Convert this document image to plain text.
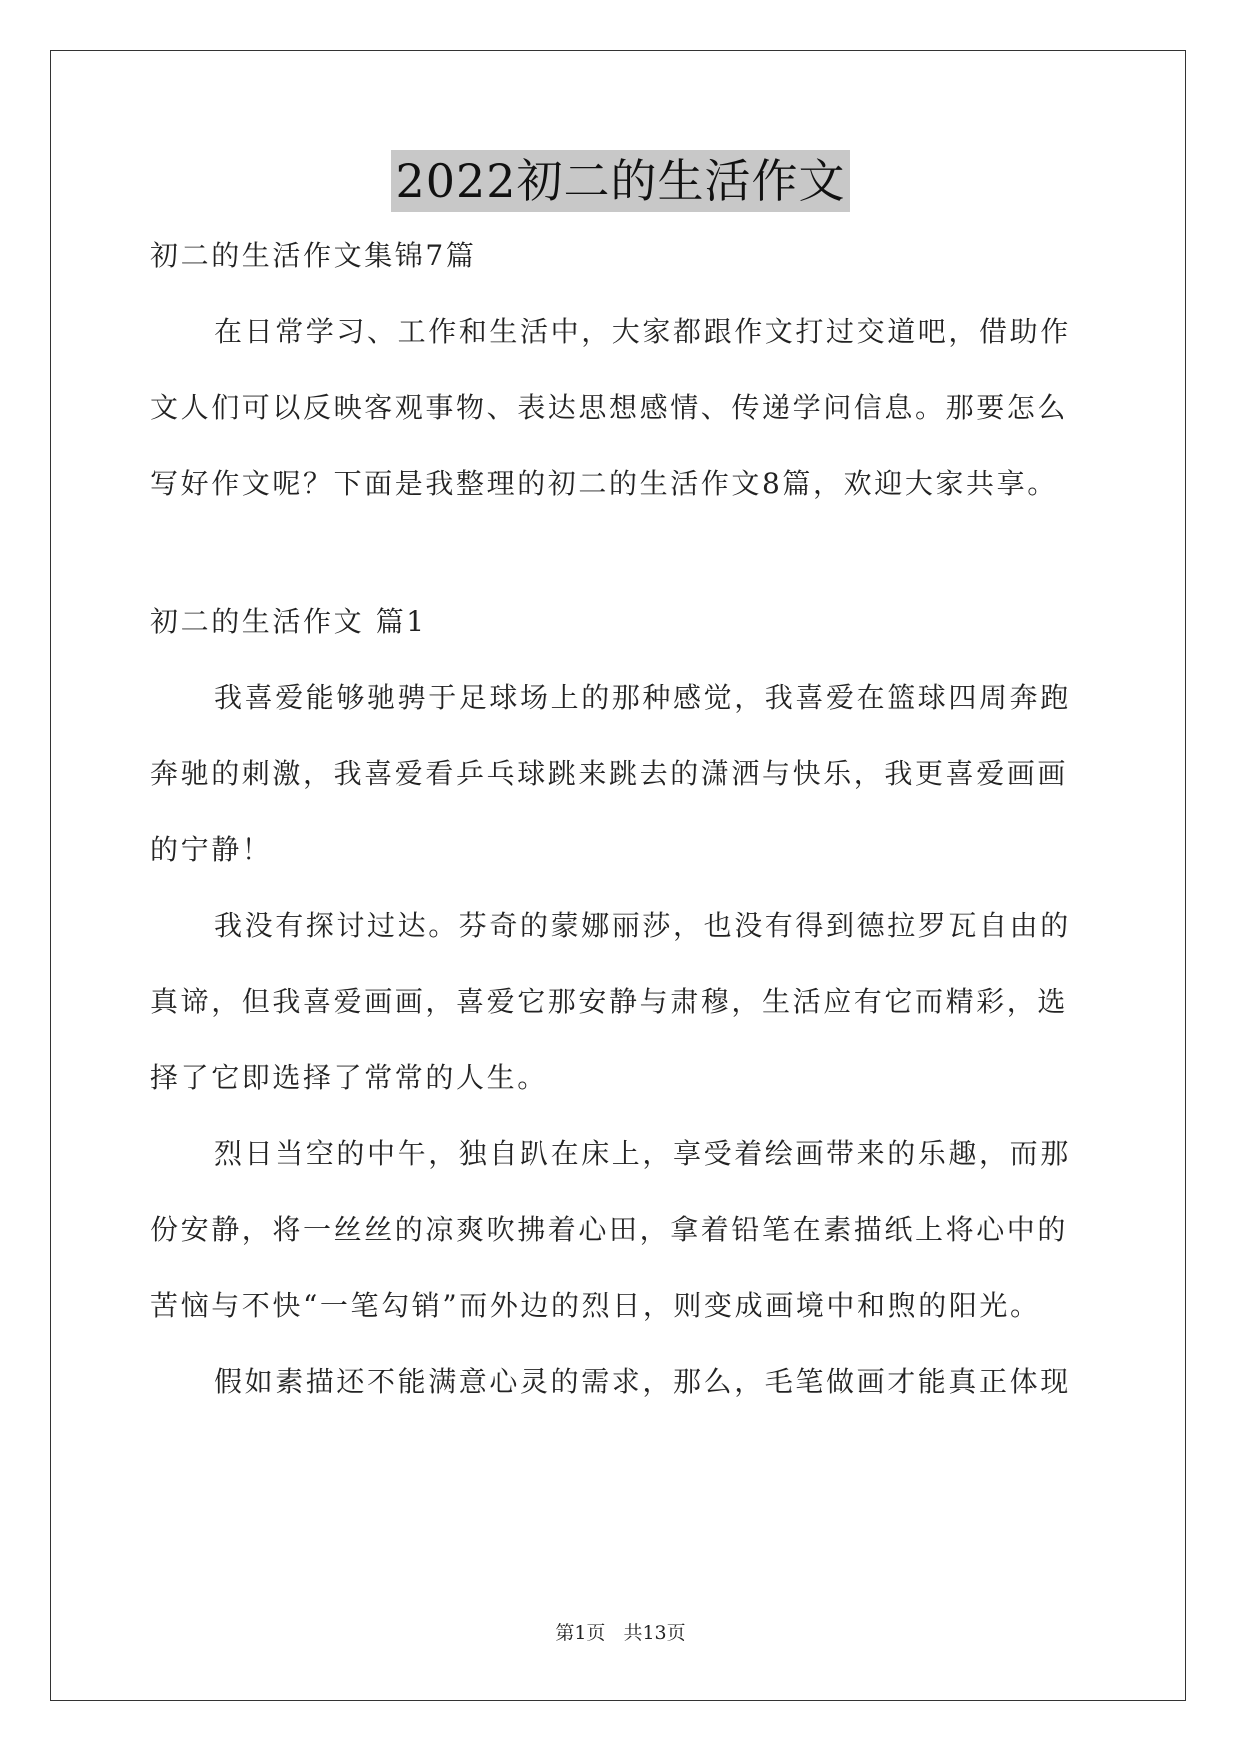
2022初二的生活作文
初二的生活作文集锦7篇
在日常学习、工作和生活中，大家都跟作文打过交道吧，借助作
文人们可以反映客观事物、表达思想感情、传递学问信息。那要怎么
写好作文呢？下面是我整理的初二的生活作文8篇，欢迎大家共享。
初二的生活作文 篇1
我喜爱能够驰骋于足球场上的那种感觉，我喜爱在篮球四周奔跑
奔驰的刺激，我喜爱看乒乓球跳来跳去的潇洒与快乐，我更喜爱画画
的宁静！
我没有探讨过达。芬奇的蒙娜丽莎，也没有得到德拉罗瓦自由的
真谛，但我喜爱画画，喜爱它那安静与肃穆，生活应有它而精彩，选
择了它即选择了常常的人生。
烈日当空的中午，独自趴在床上，享受着绘画带来的乐趣，而那
份安静，将一丝丝的凉爽吹拂着心田，拿着铅笔在素描纸上将心中的
苦恼与不快“一笔勾销”而外边的烈日，则变成画境中和煦的阳光。
假如素描还不能满意心灵的需求，那么，毛笔做画才能真正体现
第1页 共13页
